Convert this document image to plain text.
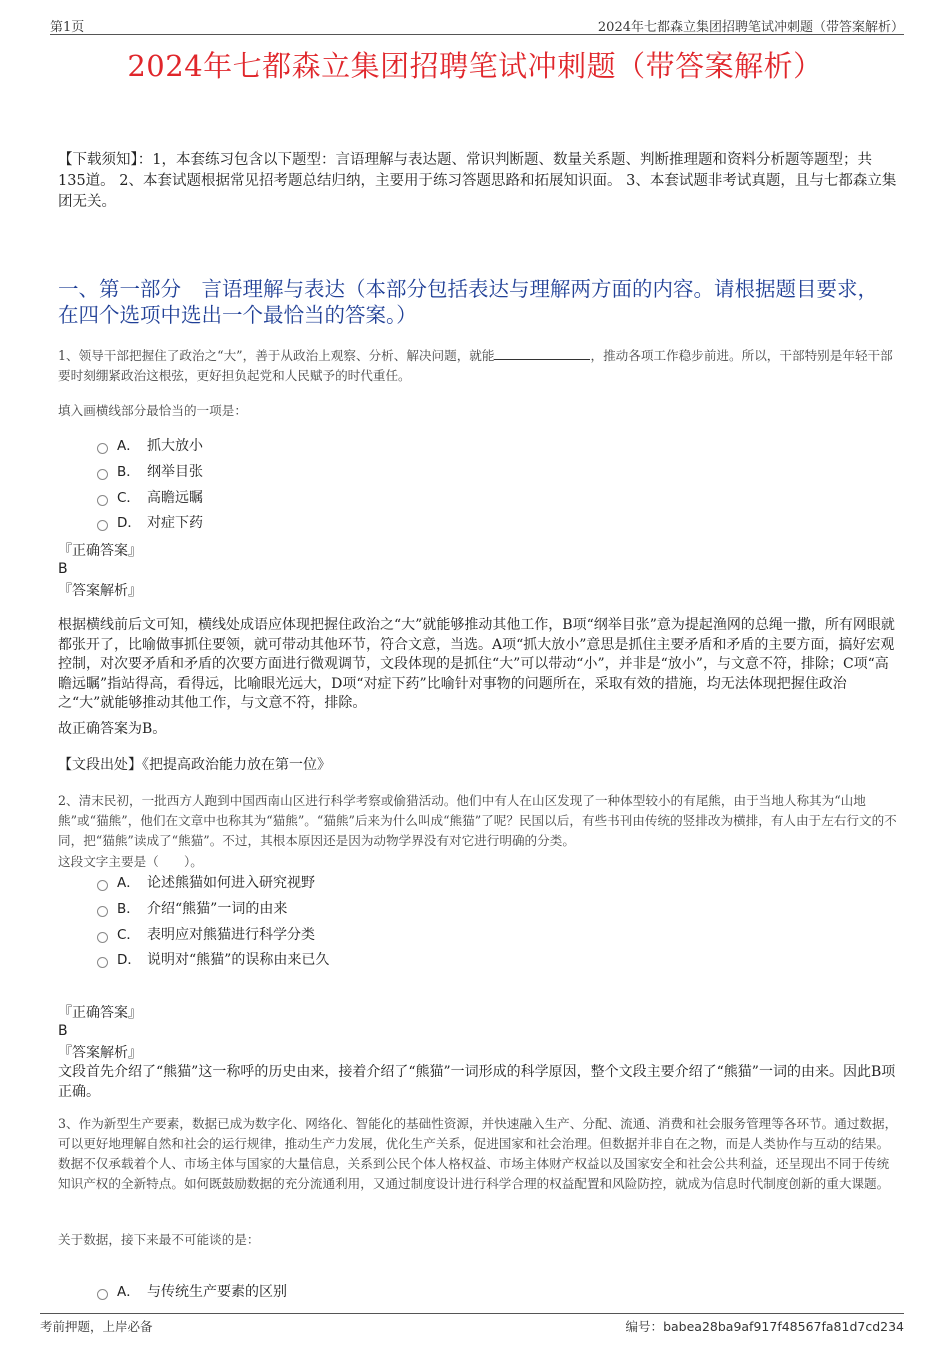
第1页	2024年七都森立集团招聘笔试冲刺题（带答案解析）
2024年七都森立集团招聘笔试冲刺题（带答案解析）
【下载须知】：1，本套练习包含以下题型：言语理解与表达题、常识判断题、数量关系题、判断推理题和资料分析题等题型；共135道。 2、本套试题根据常见招考题总结归纳，主要用于练习答题思路和拓展知识面。 3、本套试题非考试真题，且与七都森立集团无关。
一、第一部分　言语理解与表达（本部分包括表达与理解两方面的内容。请根据题目要求，在四个选项中选出一个最恰当的答案。）
1、领导干部把握住了政治之“大”，善于从政治上观察、分析、解决问题，就能	，推动各项工作稳步前进。所以，干部特别是年轻干部要时刻绷紧政治这根弦，更好担负起党和人民赋予的时代重任。
填入画横线部分最恰当的一项是：
A． 抓大放小
B． 纲举目张
C． 高瞻远瞩
D． 对症下药
『正确答案』
B
『答案解析』
根据横线前后文可知，横线处成语应体现把握住政治之“大”就能够推动其他工作，B项“纲举目张”意为提起渔网的总绳一撒，所有网眼就都张开了，比喻做事抓住要领，就可带动其他环节，符合文意，当选。A项“抓大放小”意思是抓住主要矛盾和矛盾的主要方面，搞好宏观控制，对次要矛盾和矛盾的次要方面进行微观调节，文段体现的是抓住“大”可以带动“小”，并非是“放小”，与文意不符，排除；C项“高瞻远瞩”指站得高，看得远，比喻眼光远大，D项“对症下药”比喻针对事物的问题所在，采取有效的措施，均无法体现把握住政治之“大”就能够推动其他工作，与文意不符，排除。
故正确答案为B。
【文段出处】《把提高政治能力放在第一位》
2、清末民初，一批西方人跑到中国西南山区进行科学考察或偷猎活动。他们中有人在山区发现了一种体型较小的有尾熊，由于当地人称其为“山地熊”或“猫熊”，他们在文章中也称其为“猫熊”。“猫熊”后来为什么叫成“熊猫”了呢？民国以后，有些书刊由传统的竖排改为横排，有人由于左右行文的不同，把“猫熊”读成了“熊猫”。不过，其根本原因还是因为动物学界没有对它进行明确的分类。
这段文字主要是（　　）。
A． 论述熊猫如何进入研究视野
B． 介绍“熊猫”一词的由来
C． 表明应对熊猫进行科学分类
D． 说明对“熊猫”的误称由来已久
『正确答案』
B
『答案解析』
文段首先介绍了“熊猫”这一称呼的历史由来，接着介绍了“熊猫”一词形成的科学原因，整个文段主要介绍了“熊猫”一词的由来。因此B项正确。
3、作为新型生产要素，数据已成为数字化、网络化、智能化的基础性资源，并快速融入生产、分配、流通、消费和社会服务管理等各环节。通过数据，可以更好地理解自然和社会的运行规律，推动生产力发展，优化生产关系，促进国家和社会治理。但数据并非自在之物，而是人类协作与互动的结果。数据不仅承载着个人、市场主体与国家的大量信息，关系到公民个体人格权益、市场主体财产权益以及国家安全和社会公共利益，还呈现出不同于传统知识产权的全新特点。如何既鼓励数据的充分流通利用，又通过制度设计进行科学合理的权益配置和风险防控，就成为信息时代制度创新的重大课题。
关于数据，接下来最不可能谈的是：
A． 与传统生产要素的区别
考前押题，上岸必备	编号：babea28ba9af917f48567fa81d7cd234
